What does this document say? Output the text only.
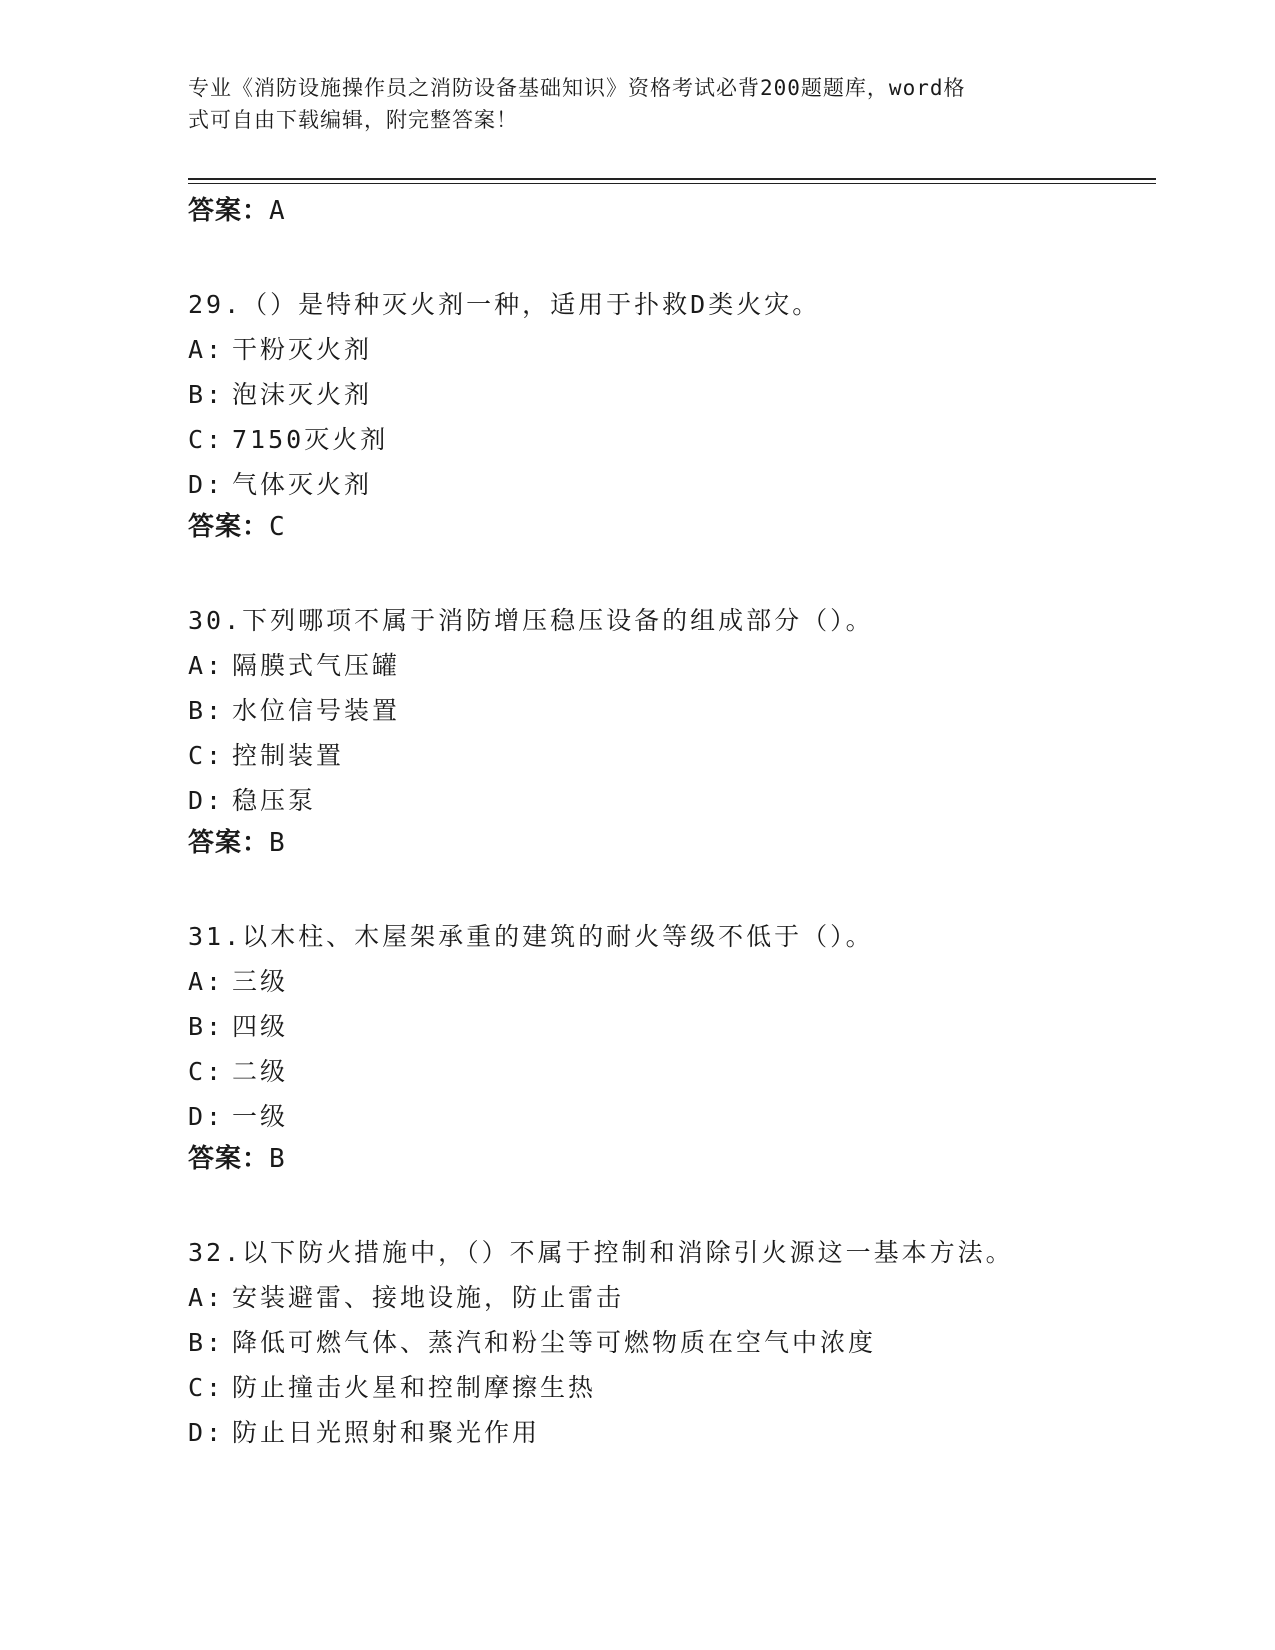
专业《消防设施操作员之消防设备基础知识》资格考试必背200题题库，word格
式可自由下载编辑，附完整答案！
答案：A
29.（）是特种灭火剂一种，适用于扑救D类火灾。
A: 干粉灭火剂
B: 泡沫灭火剂
C: 7150灭火剂
D: 气体灭火剂
答案：C
30.下列哪项不属于消防增压稳压设备的组成部分（）。
A: 隔膜式气压罐
B: 水位信号装置
C: 控制装置
D: 稳压泵
答案：B
31.以木柱、木屋架承重的建筑的耐火等级不低于（）。
A: 三级
B: 四级
C: 二级
D: 一级
答案：B
32.以下防火措施中，（）不属于控制和消除引火源这一基本方法。
A: 安装避雷、接地设施，防止雷击
B: 降低可燃气体、蒸汽和粉尘等可燃物质在空气中浓度
C: 防止撞击火星和控制摩擦生热
D: 防止日光照射和聚光作用
